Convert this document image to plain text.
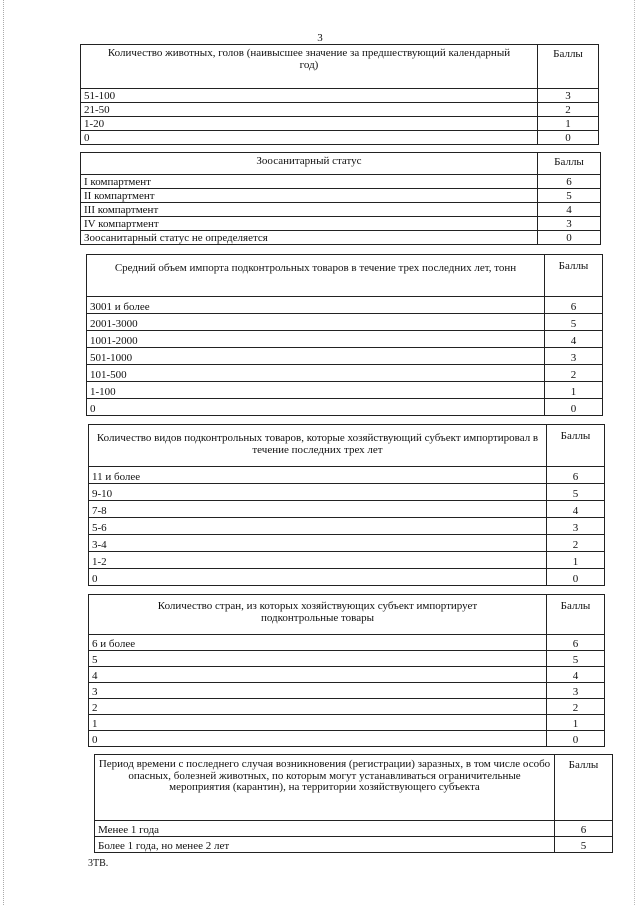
3
Количество животных, голов (наивысшее значение за предшествующий календарный год)	Баллы
51-100	3
21-50	2
1-20	1
0	0
Зоосанитарный статус	Баллы
I компартмент	6
II компартмент	5
III компартмент	4
IV компартмент	3
Зоосанитарный статус не определяется	0
Средний объем импорта подконтрольных товаров в течение трех последних лет, тонн	Баллы
3001 и более	6
2001-3000	5
1001-2000	4
501-1000	3
101-500	2
1-100	1
0	0
Количество видов подконтрольных товаров, которые хозяйствующий субъект импортировал в течение последних трех лет	Баллы
11 и более	6
9-10	5
7-8	4
5-6	3
3-4	2
1-2	1
0	0
Количество стран, из которых хозяйствующих субъект импортирует подконтрольные товары	Баллы
6 и более	6
5	5
4	4
3	3
2	2
1	1
0	0
Период времени с последнего случая возникновения (регистрации) заразных, в том числе особо опасных, болезней животных, по которым могут устанавливаться ограничительные мероприятия (карантин), на территории хозяйствующего субъекта	Баллы
Менее 1 года	6
Более 1 года, но менее 2 лет	5
3ТВ.
